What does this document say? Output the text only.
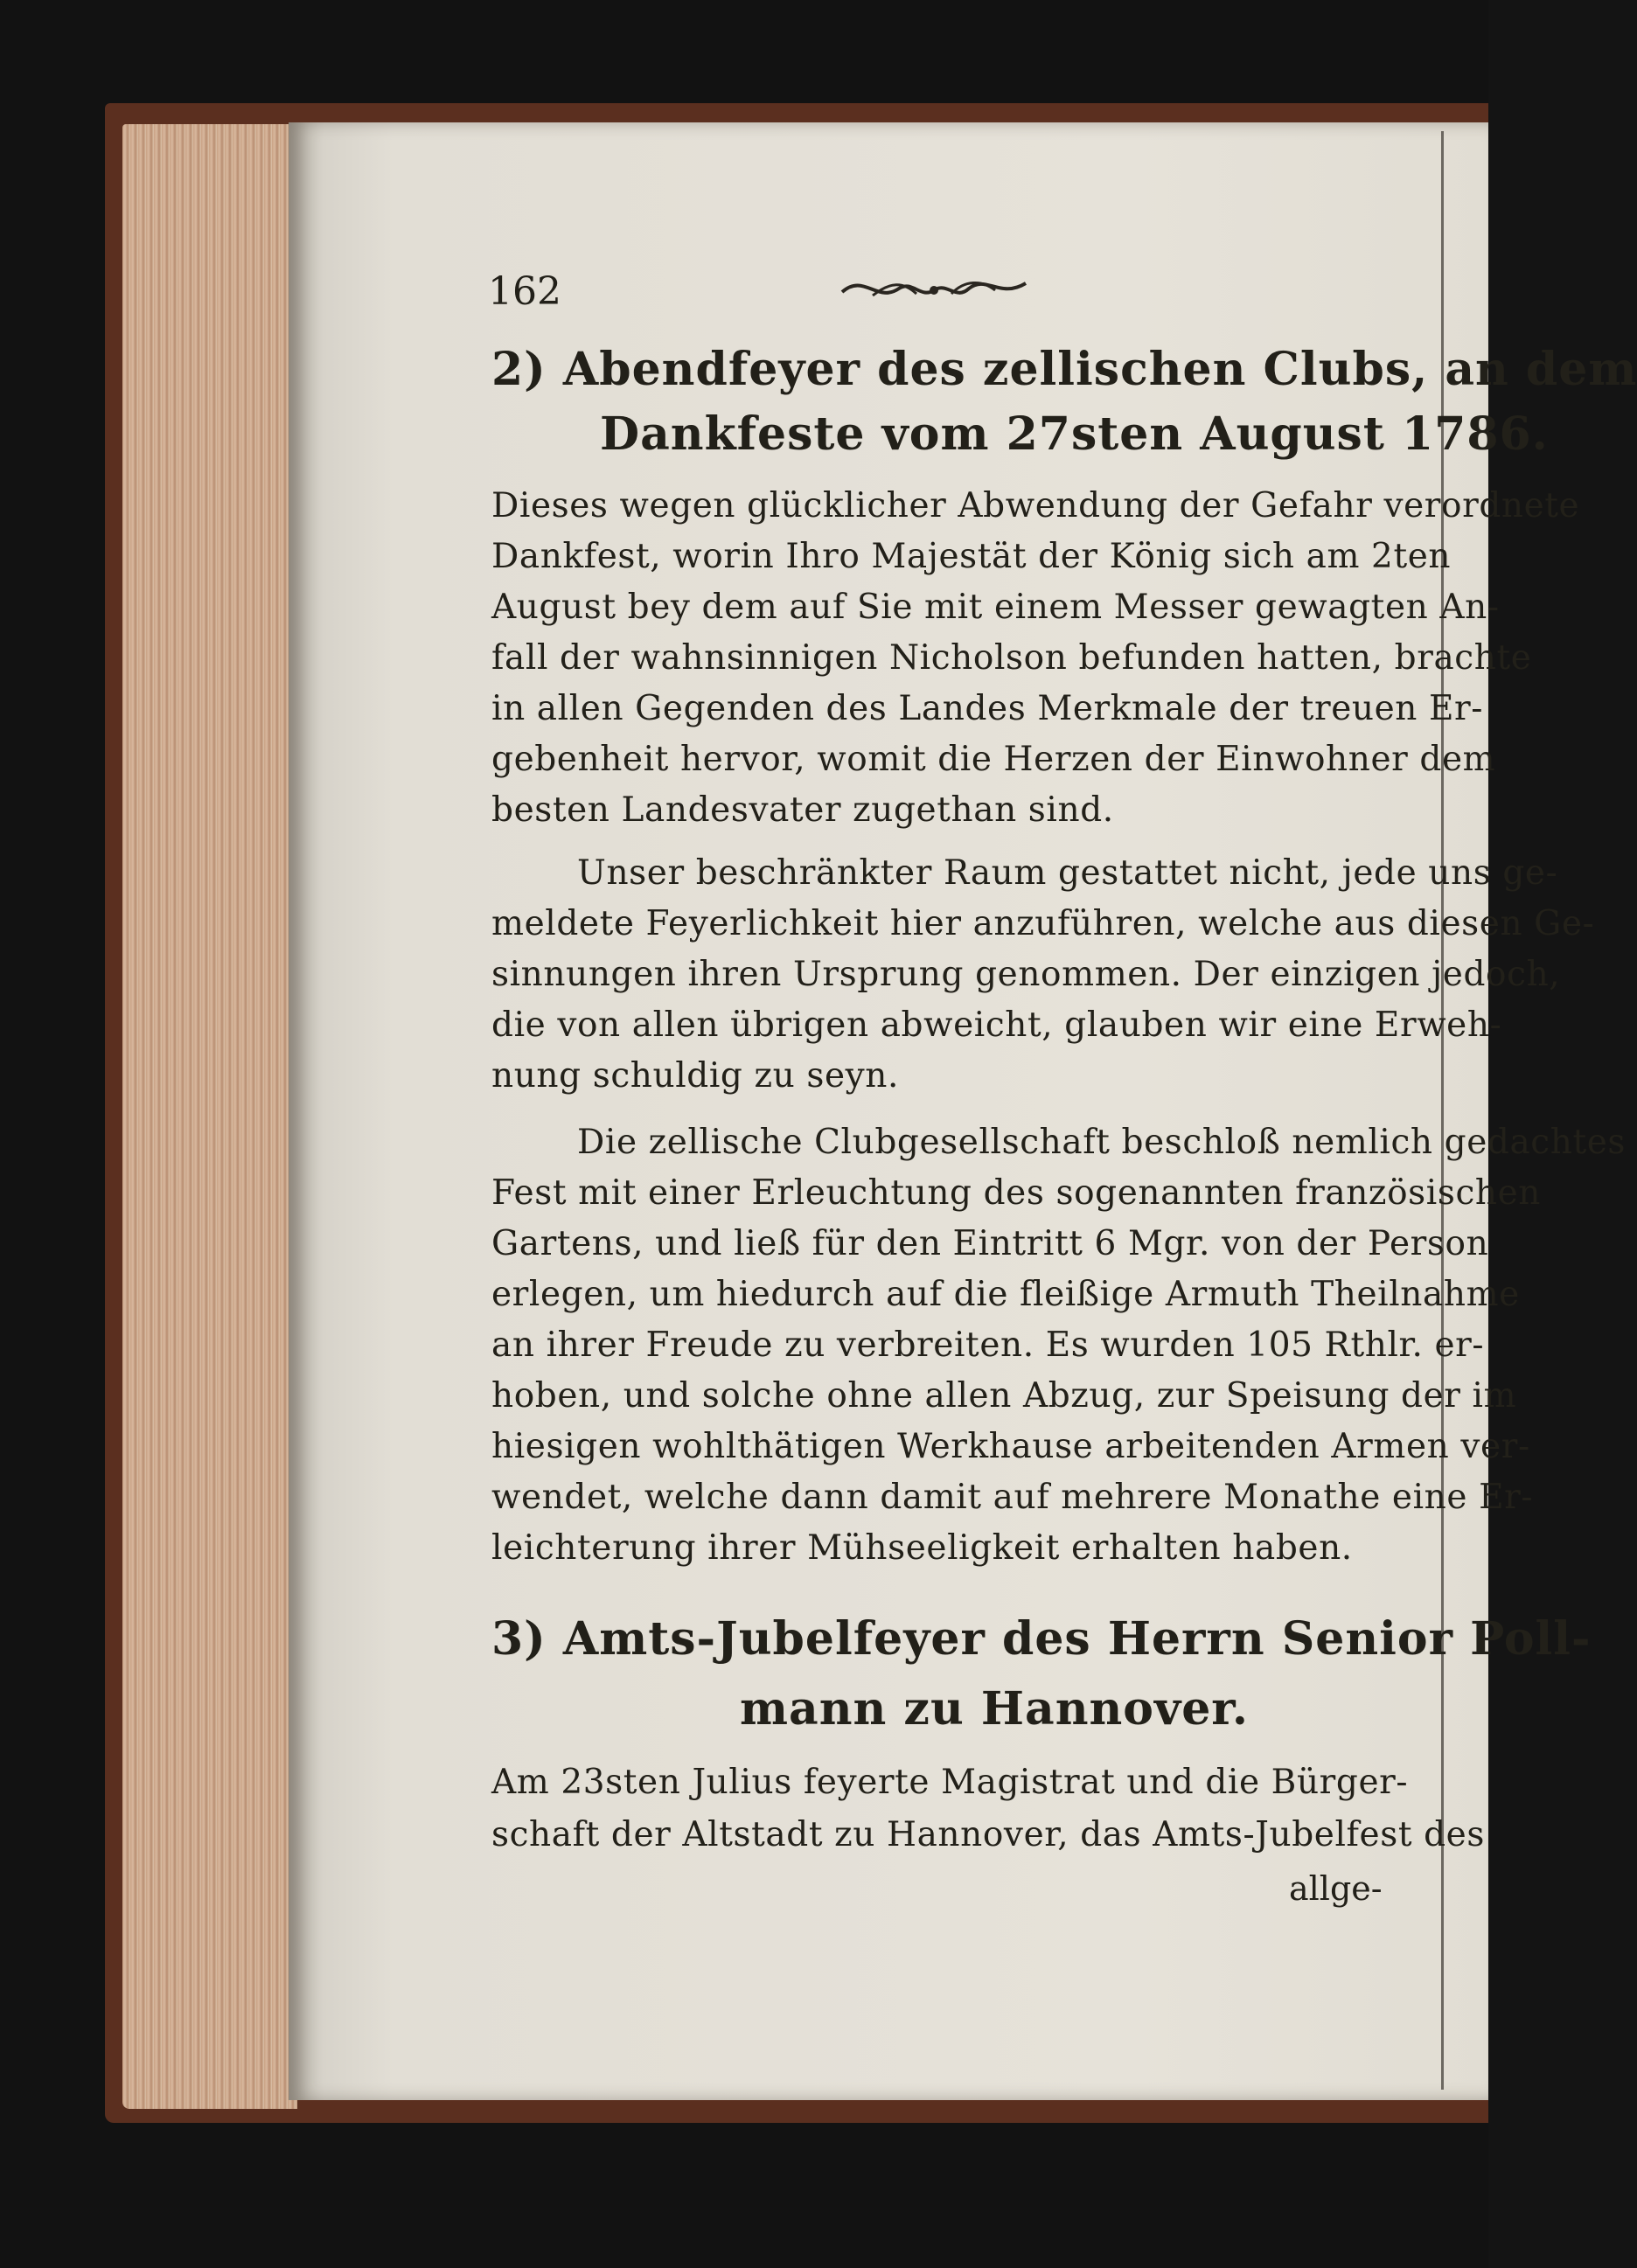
162
2) Abendfeyer des zellischen Clubs, an dem
Dankfeste vom 27sten August 1786.
Dieses wegen glücklicher Abwendung der Gefahr verordnete
Dankfest, worin Ihro Majestät der König sich am 2ten
August bey dem auf Sie mit einem Messer gewagten An-
fall der wahnsinnigen Nicholson befunden hatten, brachte
in allen Gegenden des Landes Merkmale der treuen Er-
gebenheit hervor, womit die Herzen der Einwohner dem
besten Landesvater zugethan sind.
Unser beschränkter Raum gestattet nicht, jede uns ge-
meldete Feyerlichkeit hier anzuführen, welche aus diesen Ge-
sinnungen ihren Ursprung genommen. Der einzigen jedoch,
die von allen übrigen abweicht, glauben wir eine Erweh-
nung schuldig zu seyn.
Die zellische Clubgesellschaft beschloß nemlich gedachtes
Fest mit einer Erleuchtung des sogenannten französischen
Gartens, und ließ für den Eintritt 6 Mgr. von der Person
erlegen, um hiedurch auf die fleißige Armuth Theilnahme
an ihrer Freude zu verbreiten. Es wurden 105 Rthlr. er-
hoben, und solche ohne allen Abzug, zur Speisung der im
hiesigen wohlthätigen Werkhause arbeitenden Armen ver-
wendet, welche dann damit auf mehrere Monathe eine Er-
leichterung ihrer Mühseeligkeit erhalten haben.
3) Amts-Jubelfeyer des Herrn Senior Poll-
mann zu Hannover.
Am 23sten Julius feyerte Magistrat und die Bürger-
schaft der Altstadt zu Hannover, das Amts-Jubelfest des
allge-
